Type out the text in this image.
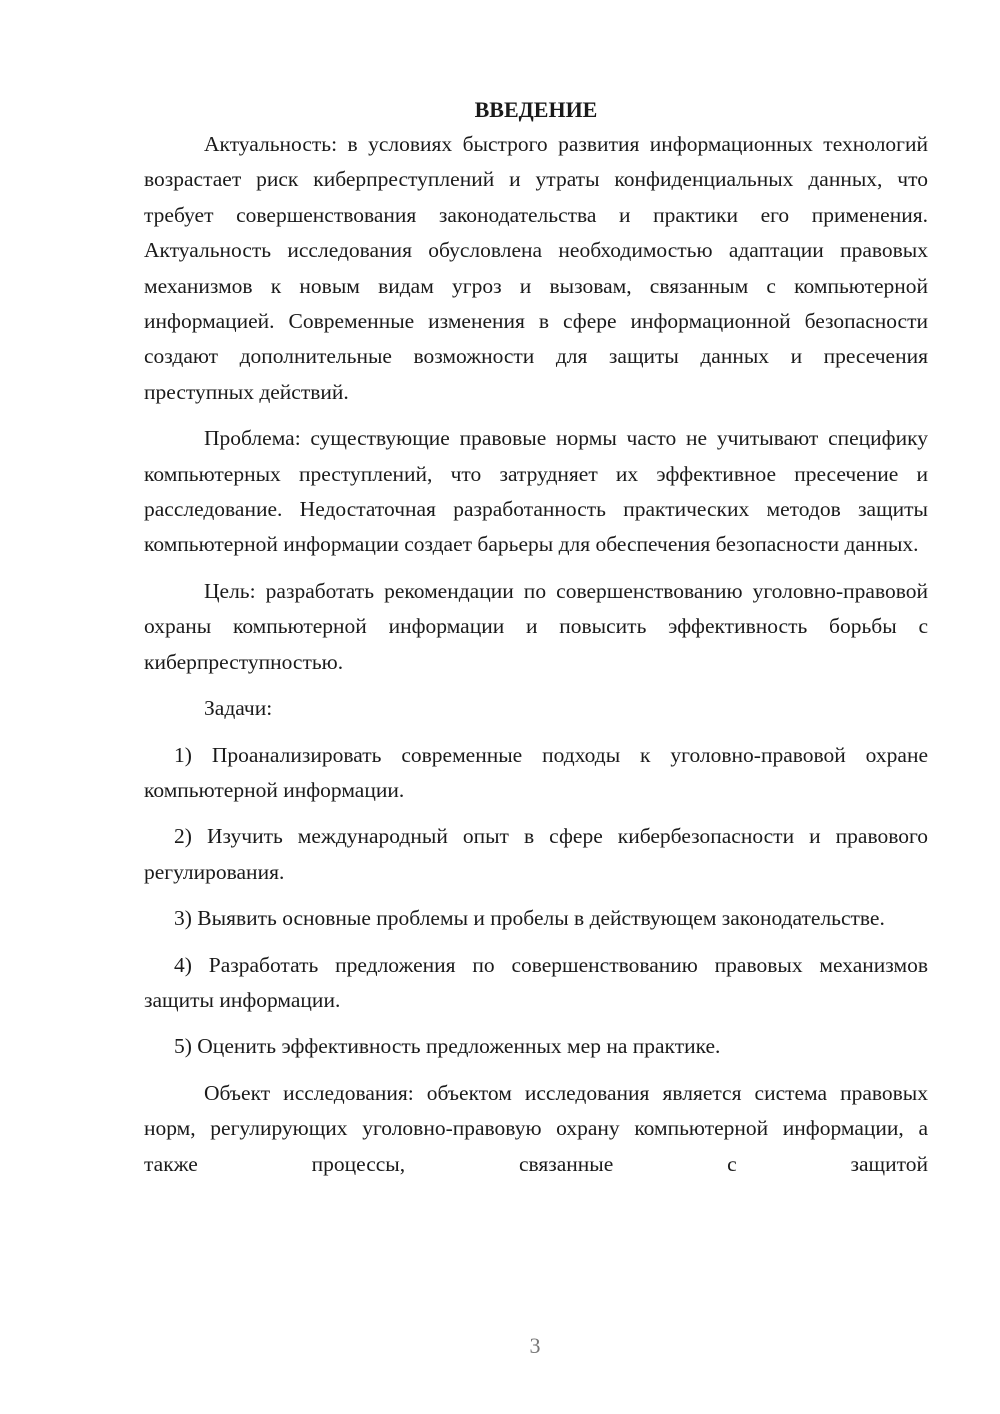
ВВЕДЕНИЕ

Актуальность: в условиях быстрого развития информационных технологий возрастает риск киберпреступлений и утраты конфиденциальных данных, что требует совершенствования законодательства и практики его применения. Актуальность исследования обусловлена необходимостью адаптации правовых механизмов к новым видам угроз и вызовам, связанным с компьютерной информацией. Современные изменения в сфере информационной безопасности создают дополнительные возможности для защиты данных и пресечения преступных действий.

Проблема: существующие правовые нормы часто не учитывают специфику компьютерных преступлений, что затрудняет их эффективное пресечение и расследование. Недостаточная разработанность практических методов защиты компьютерной информации создает барьеры для обеспечения безопасности данных.

Цель: разработать рекомендации по совершенствованию уголовно-правовой охраны компьютерной информации и повысить эффективность борьбы с киберпреступностью.

Задачи:

1) Проанализировать современные подходы к уголовно-правовой охране компьютерной информации.

2) Изучить международный опыт в сфере кибербезопасности и правового регулирования.

3) Выявить основные проблемы и пробелы в действующем законодательстве.

4) Разработать предложения по совершенствованию правовых механизмов защиты информации.

5) Оценить эффективность предложенных мер на практике.

Объект исследования: объектом исследования является система правовых норм, регулирующих уголовно-правовую охрану компьютерной информации, а также процессы, связанные с защитой

3
